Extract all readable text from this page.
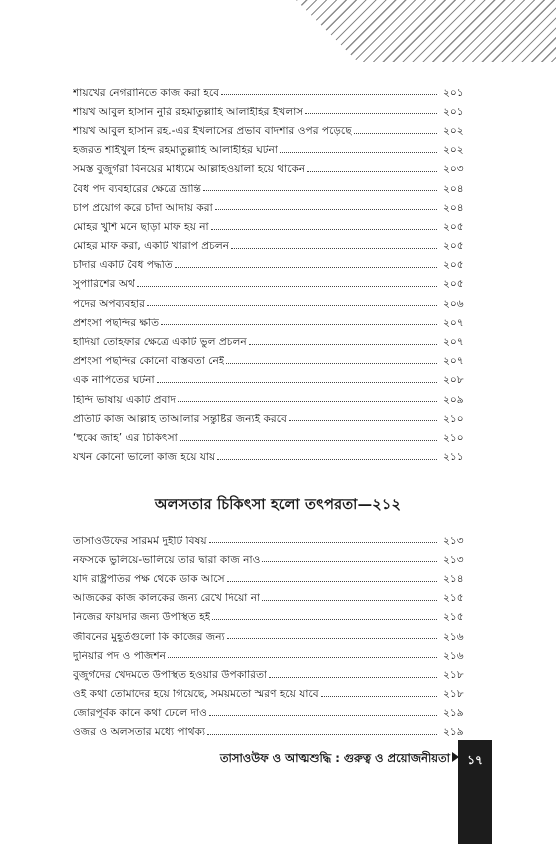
শায়খের নেগরানিতে কাজ করা হবে	২০১
শায়খ আবুল হাসান নুরি রহমাতুল্লাহি আলাইহির ইখলাস	২০১
শায়খ আবুল হাসান রহ.-এর ইখলাসের প্রভাব বাদশার ওপর পড়েছে	২০২
হজরত শাইখুল হিন্দ রহমাতুল্লাহি আলাইহির ঘটনা	২০২
সমস্ত বুজুর্গরা বিনয়ের মাধ্যমে আল্লাহওয়ালা হয়ে থাকেন	২০৩
বৈধ পদ ব্যবহারের ক্ষেত্রে ভ্রান্তি	২০৪
চাপ প্রয়োগ করে চাঁদা আদায় করা	২০৪
মোহর খুশি মনে ছাড়া মাফ হয় না	২০৫
মোহর মাফ করা, একটি খারাপ প্রচলন	২০৫
চাঁদার একটি বৈধ পদ্ধতি	২০৫
সুপারিশের অর্থ	২০৫
পদের অপব্যবহার	২০৬
প্রশংসা পছন্দির ক্ষতি	২০৭
হাদিয়া তোহফার ক্ষেত্রে একটি ভুল প্রচলন	২০৭
প্রশংসা পছন্দির কোনো বাস্তবতা নেই	২০৭
এক নাপিতের ঘটনা	২০৮
হিন্দি ভাষায় একটি প্রবাদ	২০৯
প্রতিটি কাজ আল্লাহ তাআলার সন্তুষ্টির জন্যই করবে	২১০
‘হুব্বে জাহ’ এর চিকিৎসা	২১০
যখন কোনো ভালো কাজ হয়ে যায়	২১১
অলসতার চিকিৎসা হলো তৎপরতা—২১২
তাসাওউফের সারমর্ম দুইটি বিষয়	২১৩
নফসকে ভুলিয়ে-ভালিয়ে তার দ্বারা কাজ নাও	২১৩
যদি রাষ্ট্রপতির পক্ষ থেকে ডাক আসে	২১৪
আজকের কাজ কালকের জন্য রেখে দিয়ো না	২১৫
নিজের ফায়দার জন্য উপস্থিত হই	২১৫
জীবনের মুহূর্তগুলো কি কাজের জন্য	২১৬
দুনিয়ার পদ ও পজিশন	২১৬
বুজুর্গদের খেদমতে উপস্থিত হওয়ার উপকারিতা	২১৮
ওই কথা তোমাদের হয়ে গিয়েছে, সময়মতো স্মরণ হয়ে যাবে	২১৮
জোরপূর্বক কানে কথা ঢেলে দাও	২১৯
ওজর ও অলসতার মধ্যে পার্থক্য	২১৯
তাসাওউফ ও আত্মশুদ্ধি : গুরুত্ব ও প্রয়োজনীয়তা	১৭
